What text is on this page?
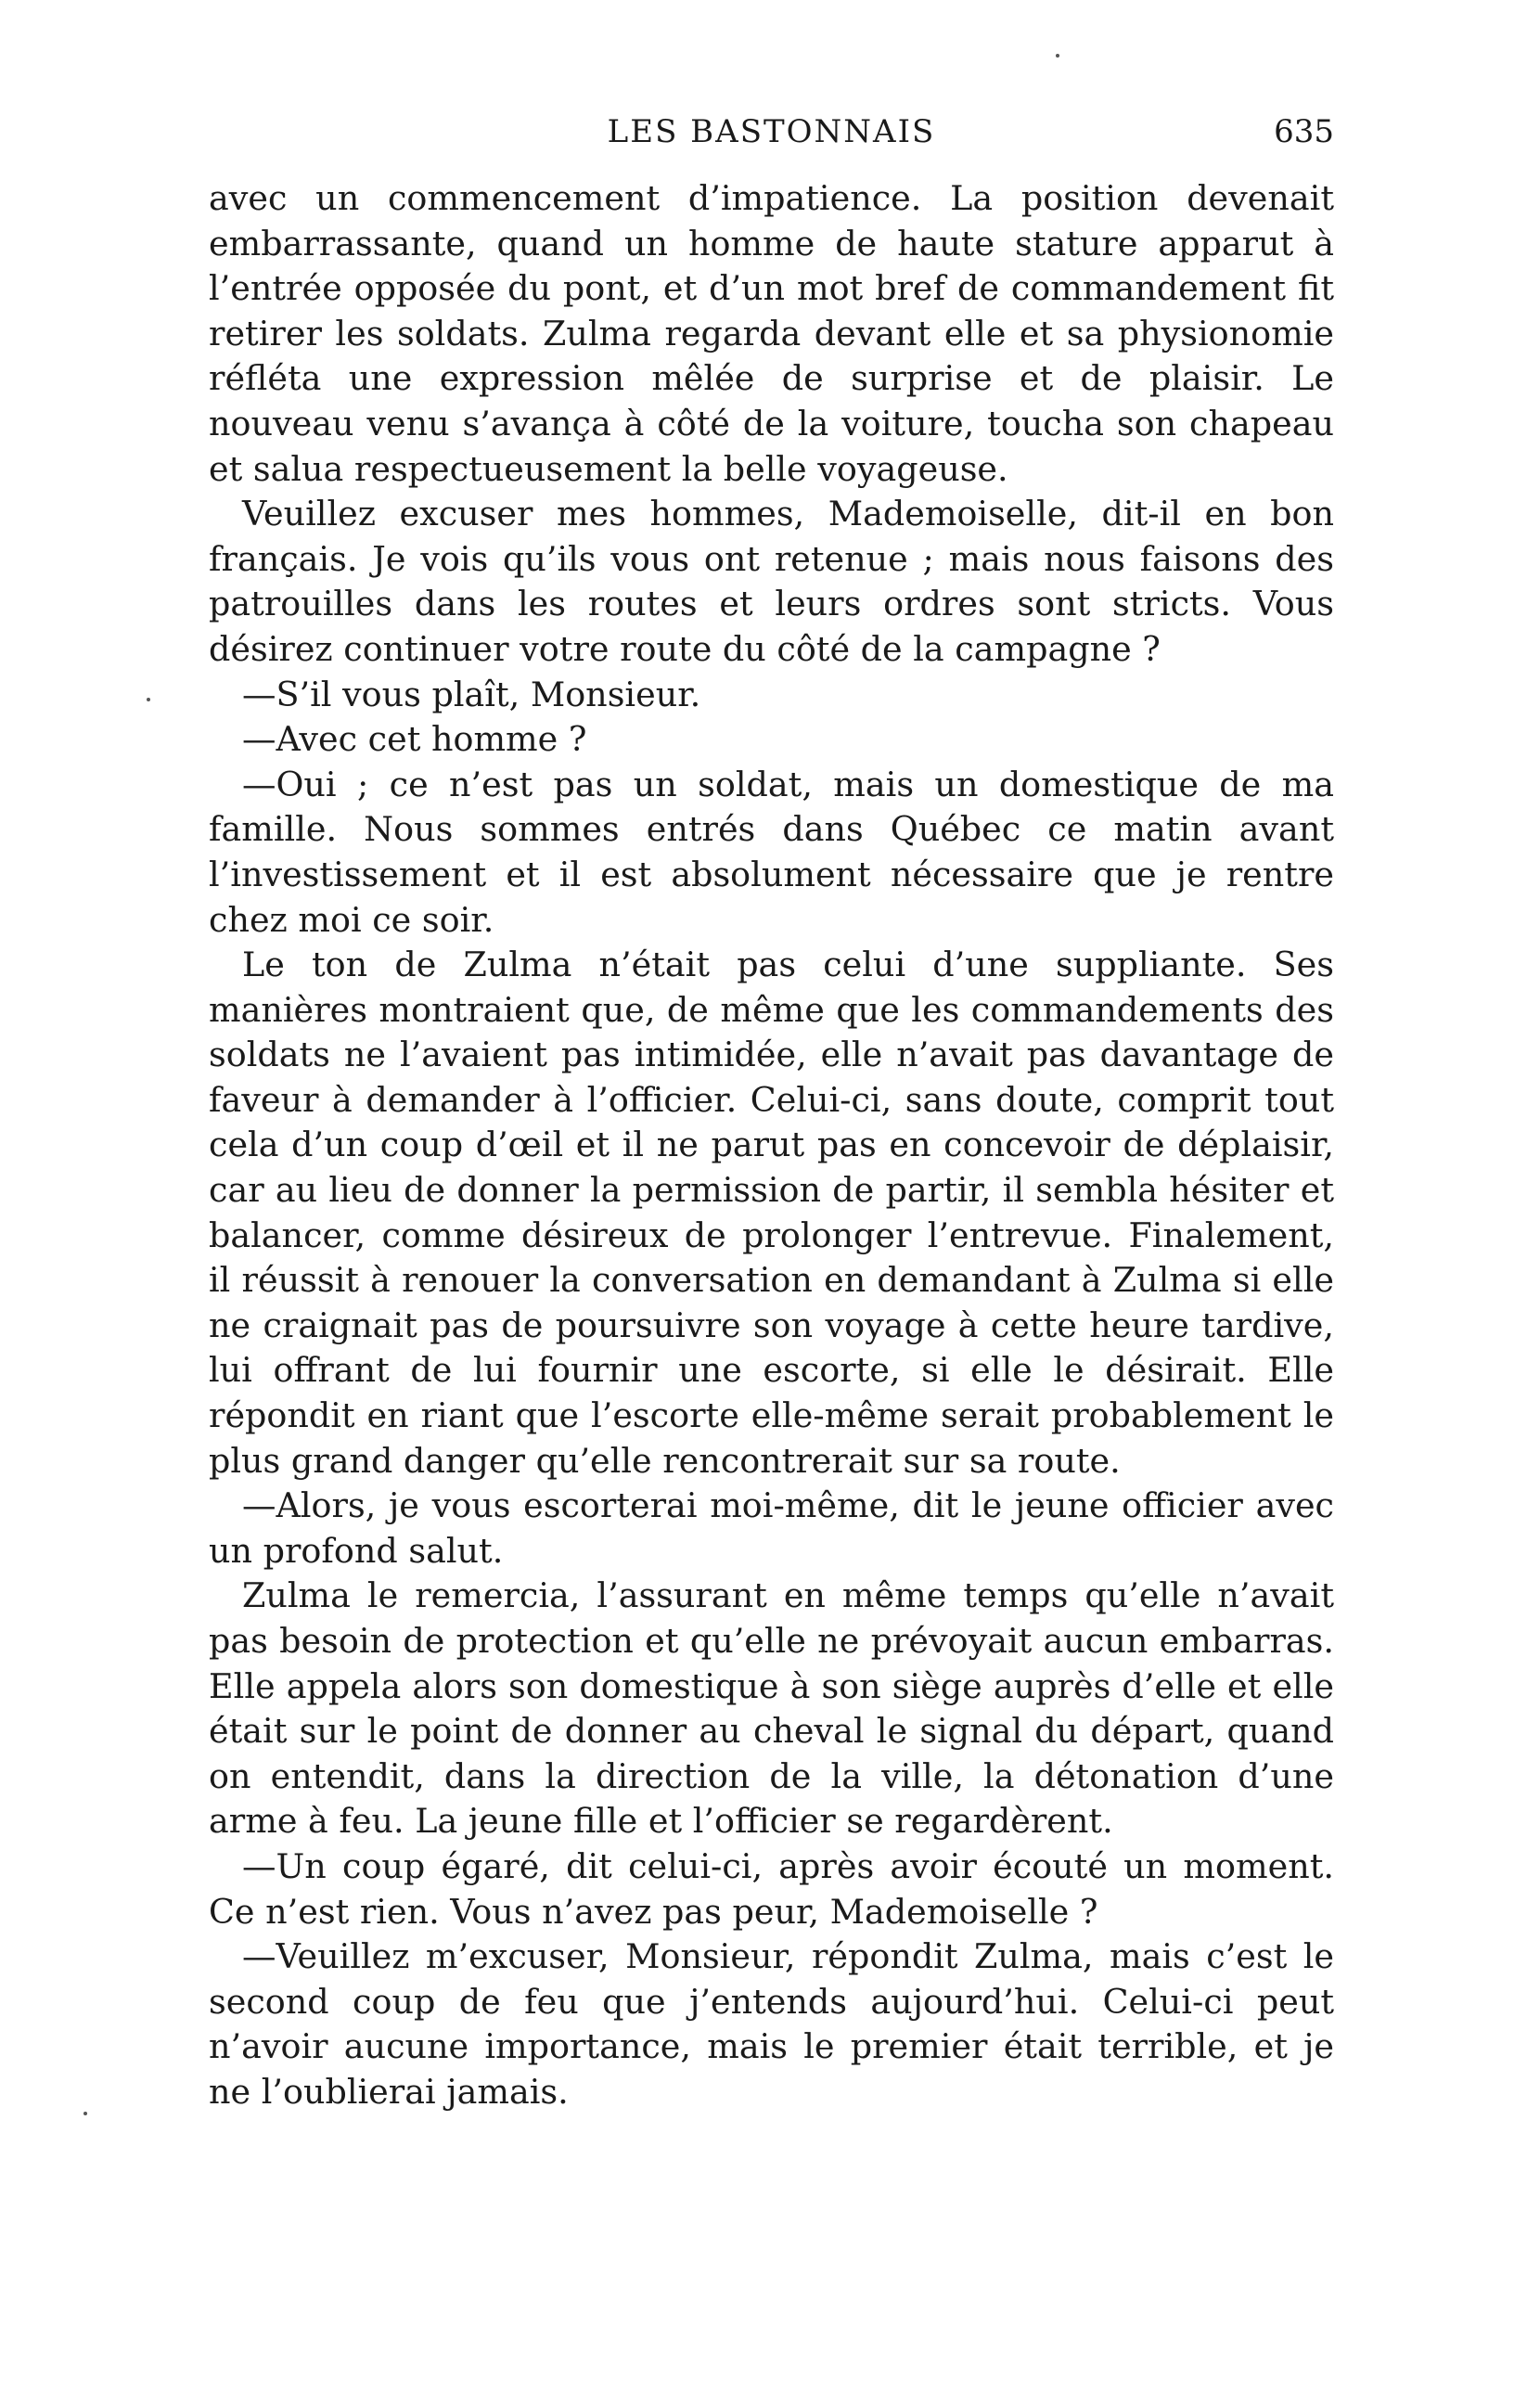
LES BASTONNAIS	635

avec un commencement d’impatience. La position devenait embarrassante, quand un homme de haute stature apparut à l’entrée opposée du pont, et d’un mot bref de commandement fit retirer les soldats. Zulma regarda devant elle et sa physionomie réfléta une expression mêlée de surprise et de plaisir. Le nouveau venu s’avança à côté de la voiture, toucha son chapeau et salua respectueusement la belle voyageuse.

Veuillez excuser mes hommes, Mademoiselle, dit-il en bon français. Je vois qu’ils vous ont retenue ; mais nous faisons des patrouilles dans les routes et leurs ordres sont stricts. Vous désirez continuer votre route du côté de la campagne ?

—S’il vous plaît, Monsieur.

—Avec cet homme ?

—Oui ; ce n’est pas un soldat, mais un domestique de ma famille. Nous sommes entrés dans Québec ce matin avant l’investissement et il est absolument nécessaire que je rentre chez moi ce soir.

Le ton de Zulma n’était pas celui d’une suppliante. Ses manières montraient que, de même que les commandements des soldats ne l’avaient pas intimidée, elle n’avait pas davantage de faveur à demander à l’officier. Celui-ci, sans doute, comprit tout cela d’un coup d’œil et il ne parut pas en concevoir de déplaisir, car au lieu de donner la permission de partir, il sembla hésiter et balancer, comme désireux de prolonger l’entrevue. Finalement, il réussit à renouer la conversation en demandant à Zulma si elle ne craignait pas de poursuivre son voyage à cette heure tardive, lui offrant de lui fournir une escorte, si elle le désirait. Elle répondit en riant que l’escorte elle-même serait probablement le plus grand danger qu’elle rencontrerait sur sa route.

—Alors, je vous escorterai moi-même, dit le jeune officier avec un profond salut.

Zulma le remercia, l’assurant en même temps qu’elle n’avait pas besoin de protection et qu’elle ne prévoyait aucun embarras. Elle appela alors son domestique à son siège auprès d’elle et elle était sur le point de donner au cheval le signal du départ, quand on entendit, dans la direction de la ville, la détonation d’une arme à feu. La jeune fille et l’officier se regardèrent.

—Un coup égaré, dit celui-ci, après avoir écouté un moment. Ce n’est rien. Vous n’avez pas peur, Mademoiselle ?

—Veuillez m’excuser, Monsieur, répondit Zulma, mais c’est le second coup de feu que j’entends aujourd’hui. Celui-ci peut n’avoir aucune importance, mais le premier était terrible, et je ne l’oublierai jamais.
